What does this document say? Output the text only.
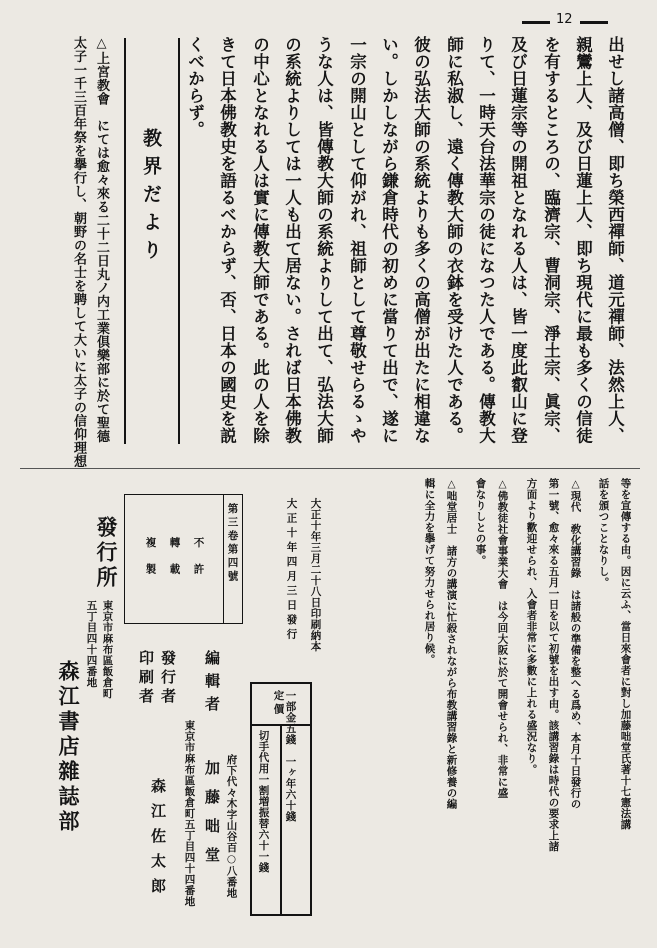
12

出せし諸高僧、即ち榮西禪師、道元禪師、法然上人、

親鸞上人、及び日蓮上人、即ち現代に最も多くの信徒

を有するところの、臨濟宗、曹洞宗、淨土宗、眞宗、

及び日蓮宗等の開祖となれる人は、皆一度此叡山に登

りて、一時天台法華宗の徒になつた人である。傳教大

師に私淑し、遠く傳教大師の衣鉢を受けた人である。

彼の弘法大師の系統よりも多くの高僧が出たに相違な

い。しかしながら鎌倉時代の初めに當りて出で、遂に

一宗の開山として仰がれ、祖師として尊敬せらるゝや

うな人は、皆傳教大師の系統よりして出て、弘法大師

の系統よりしては一人も出て居ない。されば日本佛教

の中心となれる人は實に傳教大師である。此の人を除

きて日本佛教史を語るべからず、否、日本の國史を説

くべからず。

教界だより

△上宮教會　にては愈々來る二十二日丸ノ内工業倶樂部に於て聖德

太子一千三百年祭を擧行し、朝野の名士を聘して大いに太子の信仰理想

等を宣傳する由。因に云ふ、當日來會者に對し加藤咄堂氏著十七憲法講

話を頒つことなりし。

△現代　敎化講習錄　は諸般の準備を整へる爲め、本月十日發行の

第一號、愈々來る五月一日を以て初號を出す由。該講習錄は時代の要求上諸

方面より歡迎せられ、入會者非常に多數に上れる盛況なり。

△佛教徒社會事業大會　は今回大阪に於て開會せられ、非常に盛

會なりしとの事。

△咄堂居士　諸方の講演に忙殺されながら布教講習錄と新修養の編

輯に全力を擧げて努力せられ居り候。

大正十年三月二十八日印刷納本

大正十年四月三日發行

定價 一部金五錢　一ヶ年六十錢
切手代用一割増振替六十一錢

府下代々木字山谷百○八番地

編輯者

加藤咄堂

東京市麻布區飯倉町五丁目四十四番地

發行者

印刷者

森江佐太郎

發行所

東京市麻布區飯倉町

五丁目四十四番地

森江書店雜誌部

第三卷第四號
不許
轉載
複製
